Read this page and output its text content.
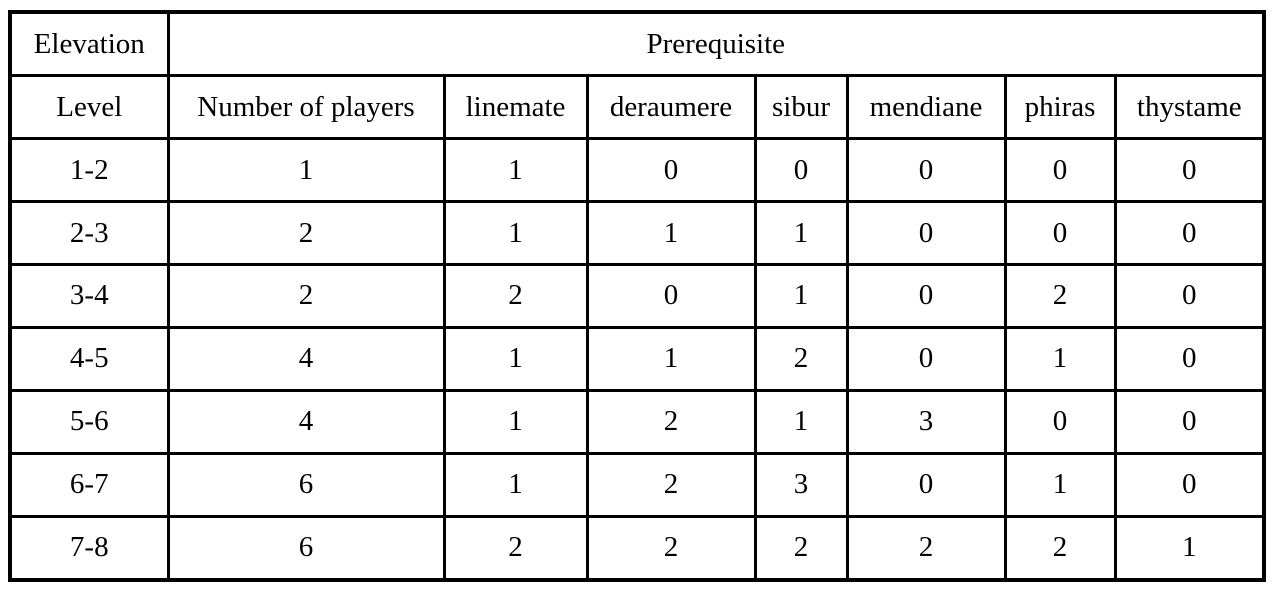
Elevation	Prerequisite						
Level	Number of players	linemate	deraumere	sibur	mendiane	phiras	thystame
1-2	1	1	0	0	0	0	0
2-3	2	1	1	1	0	0	0
3-4	2	2	0	1	0	2	0
4-5	4	1	1	2	0	1	0
5-6	4	1	2	1	3	0	0
6-7	6	1	2	3	0	1	0
7-8	6	2	2	2	2	2	1
